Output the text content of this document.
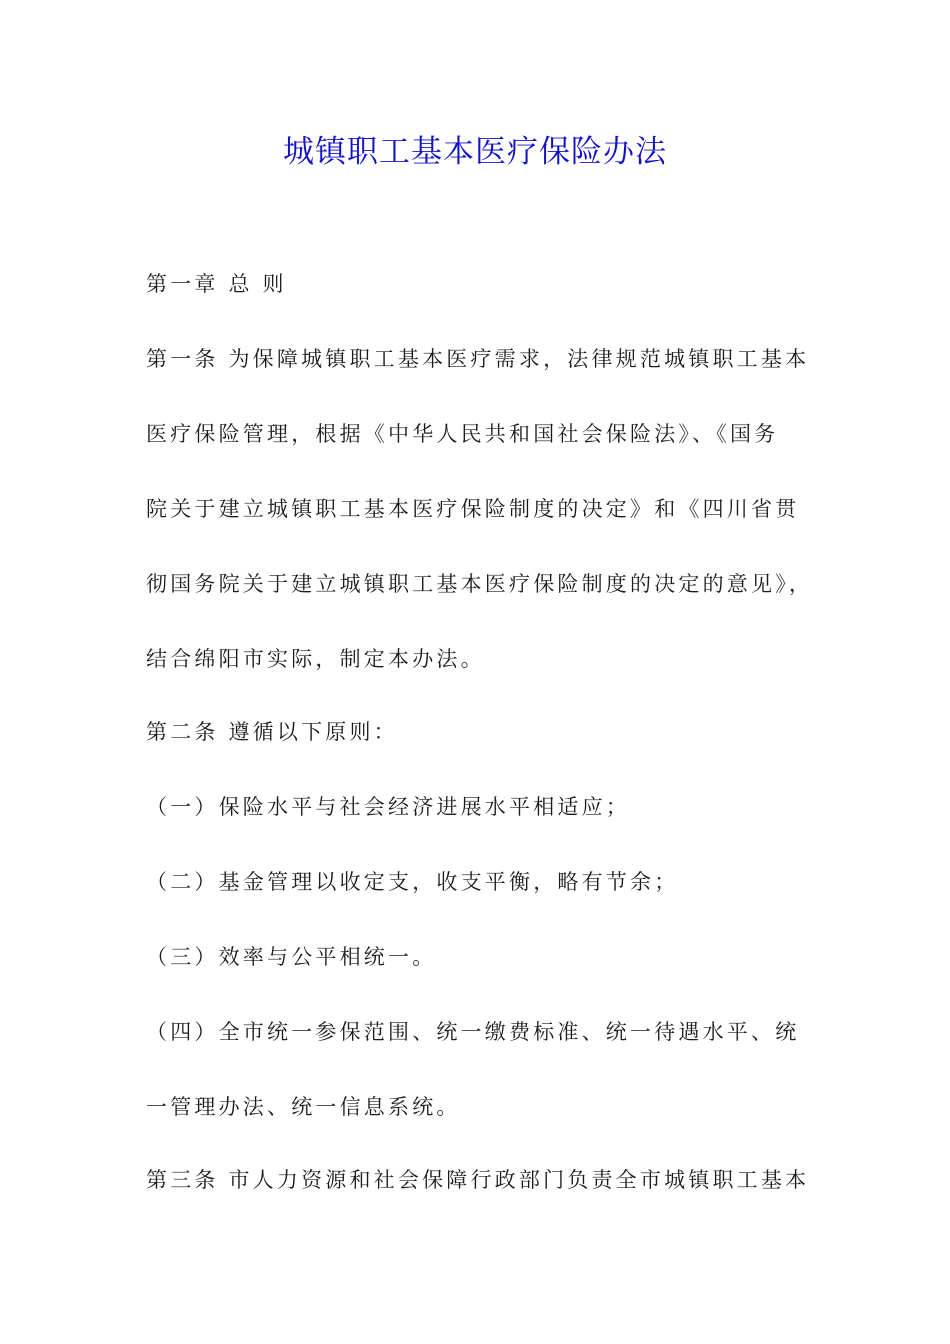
城镇职工基本医疗保险办法
第一章 总 则
第一条 为保障城镇职工基本医疗需求，法律规范城镇职工基本
医疗保险管理，根据《中华人民共和国社会保险法》、《国务
院关于建立城镇职工基本医疗保险制度的决定》和《四川省贯
彻国务院关于建立城镇职工基本医疗保险制度的决定的意见》，
结合绵阳市实际，制定本办法。
第二条 遵循以下原则：
（一）保险水平与社会经济进展水平相适应；
（二）基金管理以收定支，收支平衡，略有节余；
（三）效率与公平相统一。
（四）全市统一参保范围、统一缴费标准、统一待遇水平、统
一管理办法、统一信息系统。
第三条 市人力资源和社会保障行政部门负责全市城镇职工基本
